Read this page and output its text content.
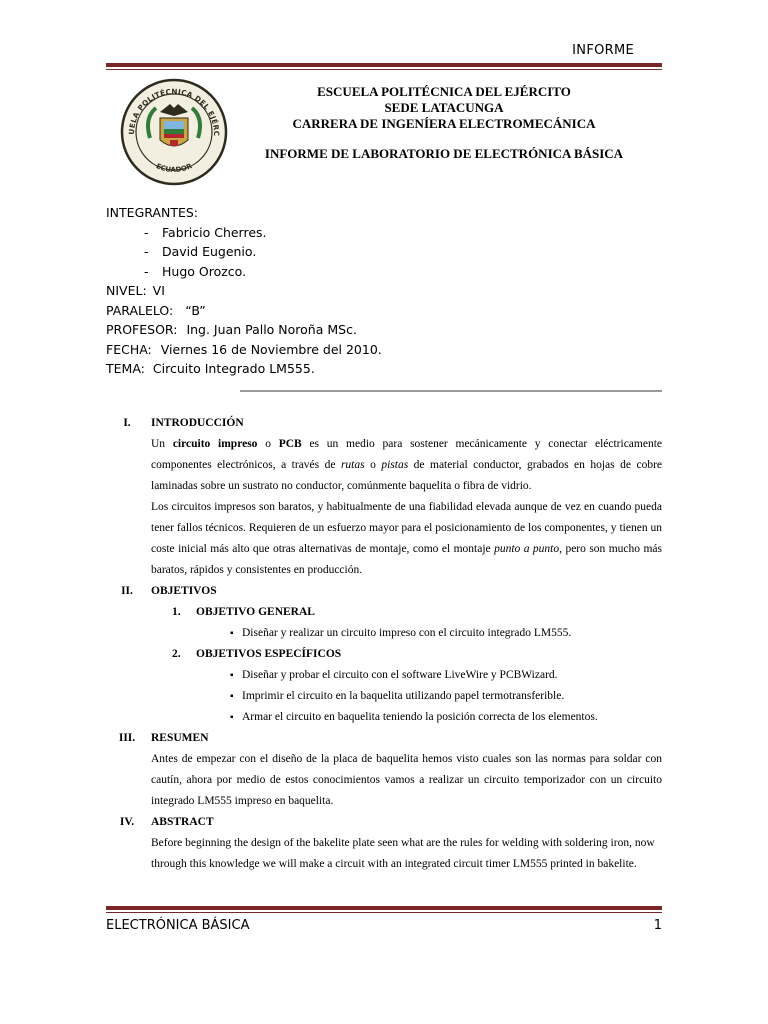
INFORME
UELA POLITÉCNICA DEL EJÉRC
ECUADOR
ESCUELA POLITÉCNICA DEL EJÉRCITO
SEDE LATACUNGA
CARRERA DE INGENÍERA ELECTROMECÁNICA
INFORME DE LABORATORIO DE ELECTRÓNICA BÁSICA
INTEGRANTES:
- Fabricio Cherres.
- David Eugenio.
- Hugo Orozco.
NIVEL: VI
PARALELO: “B”
PROFESOR: Ing. Juan Pallo Noroña MSc.
FECHA: Viernes 16 de Noviembre del 2010.
TEMA: Circuito Integrado LM555.
I.	INTRODUCCIÓN
Un circuito impreso o PCB es un medio para sostener mecánicamente y conectar eléctricamente componentes electrónicos, a través de rutas o pistas de material conductor, grabados en hojas de cobre laminadas sobre un sustrato no conductor, comúnmente baquelita o fibra de vidrio.
Los circuitos impresos son baratos, y habitualmente de una fiabilidad elevada aunque de vez en cuando pueda tener fallos técnicos. Requieren de un esfuerzo mayor para el posicionamiento de los componentes, y tienen un coste inicial más alto que otras alternativas de montaje, como el montaje punto a punto, pero son mucho más baratos, rápidos y consistentes en producción.
II.	OBJETIVOS
1. OBJETIVO GENERAL
▪ Diseñar y realizar un circuito impreso con el circuito integrado LM555.
2. OBJETIVOS ESPECÍFICOS
▪ Diseñar y probar el circuito con el software LiveWire y PCBWizard.
▪ Imprimir el circuito en la baquelita utilizando papel termotransferible.
▪ Armar el circuito en baquelita teniendo la posición correcta de los elementos.
III.	RESUMEN
Antes de empezar con el diseño de la placa de baquelita hemos visto cuales son las normas para soldar con cautín, ahora por medio de estos conocimientos vamos a realizar un circuito temporizador con un circuito integrado LM555 impreso en baquelita.
IV.	ABSTRACT
Before beginning the design of the bakelite plate seen what are the rules for welding with soldering iron, now through this knowledge we will make a circuit with an integrated circuit timer LM555 printed in bakelite.
ELECTRÓNICA BÁSICA	1
